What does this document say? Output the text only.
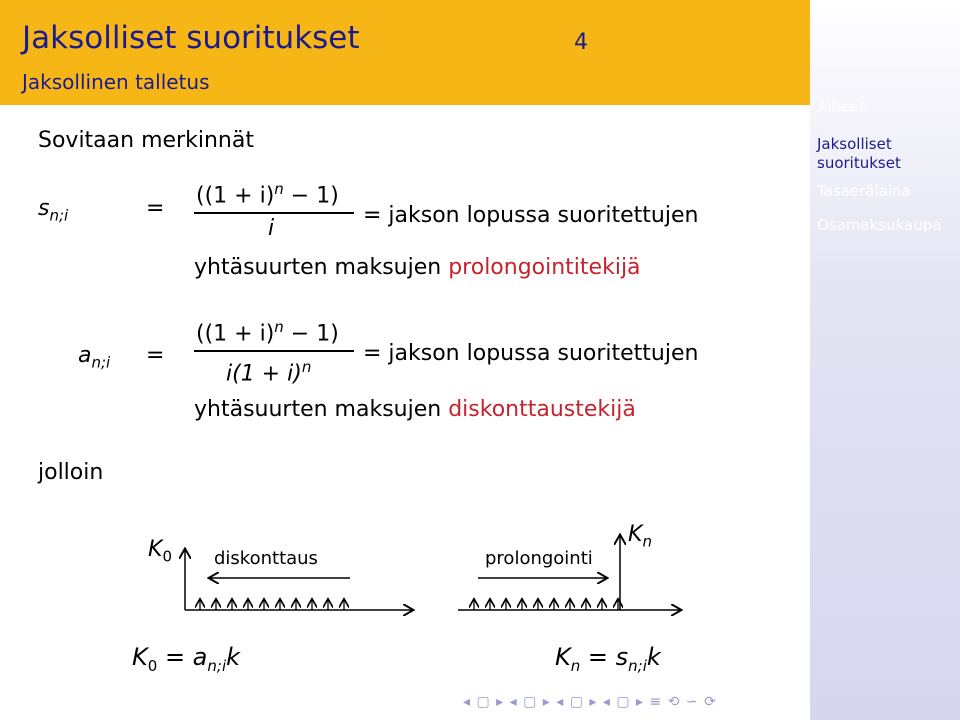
Jaksolliset suoritukset	4
Jaksollinen talletus
Aiheet
Jaksolliset suoritukset
Tasaerälaina
Osamaksukaupa
Sovitaan merkinnät
$s_{n;i}$	=
$((1 + i)^n - 1)$
i
= jakson lopussa suoritettujen
yhtäsuurten maksujen prolongointitekijä
$a_{n;i}$ =
$((1 + i)^n - 1)$
$i(1 + i)^n$
= jakson lopussa suoritettujen
yhtäsuurten maksujen diskonttaustekijä
jolloin
$K_0$ diskonttaus	prolongointi
$K_n$
$K_0 = a_{n;i}k$	$K_n = s_{n;i}k$
◂ ▢ ▸ ◂ ▢ ▸ ◂ ▢ ▸ ◂ ▢ ▸ ≡ ⟲ ∽ ⟳
